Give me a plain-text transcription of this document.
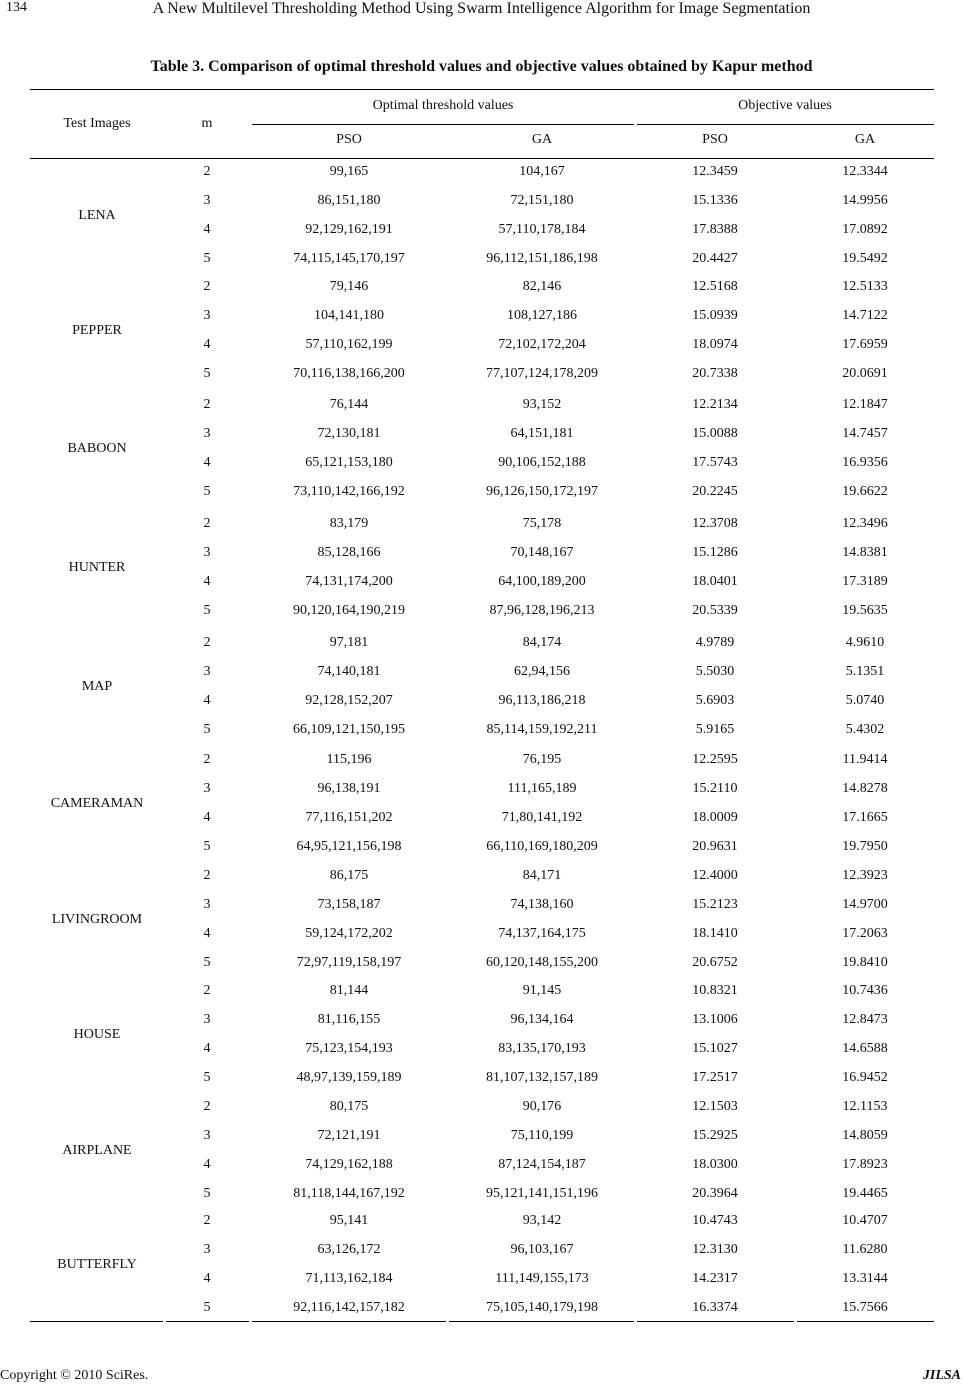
134	A New Multilevel Thresholding Method Using Swarm Intelligence Algorithm for Image Segmentation
Table 3. Comparison of optimal threshold values and objective values obtained by Kapur method
Test Images	m
Optimal threshold values	Objective values
PSO	GA	PSO	GA
LENA
2	99,165	104,167	12.3459	12.3344
3	86,151,180	72,151,180	15.1336	14.9956
4	92,129,162,191	57,110,178,184	17.8388	17.0892
5	74,115,145,170,197	96,112,151,186,198	20.4427	19.5492
PEPPER
2	79,146	82,146	12.5168	12.5133
3	104,141,180	108,127,186	15.0939	14.7122
4	57,110,162,199	72,102,172,204	18.0974	17.6959
5	70,116,138,166,200	77,107,124,178,209	20.7338	20.0691
BABOON
2	76,144	93,152	12.2134	12.1847
3	72,130,181	64,151,181	15.0088	14.7457
4	65,121,153,180	90,106,152,188	17.5743	16.9356
5	73,110,142,166,192	96,126,150,172,197	20.2245	19.6622
HUNTER
2	83,179	75,178	12.3708	12.3496
3	85,128,166	70,148,167	15.1286	14.8381
4	74,131,174,200	64,100,189,200	18.0401	17.3189
5	90,120,164,190,219	87,96,128,196,213	20.5339	19.5635
MAP
2	97,181	84,174	4.9789	4.9610
3	74,140,181	62,94,156	5.5030	5.1351
4	92,128,152,207	96,113,186,218	5.6903	5.0740
5	66,109,121,150,195	85,114,159,192,211	5.9165	5.4302
CAMERAMAN
2	115,196	76,195	12.2595	11.9414
3	96,138,191	111,165,189	15.2110	14.8278
4	77,116,151,202	71,80,141,192	18.0009	17.1665
5	64,95,121,156,198	66,110,169,180,209	20.9631	19.7950
LIVINGROOM
2	86,175	84,171	12.4000	12.3923
3	73,158,187	74,138,160	15.2123	14.9700
4	59,124,172,202	74,137,164,175	18.1410	17.2063
5	72,97,119,158,197	60,120,148,155,200	20.6752	19.8410
HOUSE
2	81,144	91,145	10.8321	10.7436
3	81,116,155	96,134,164	13.1006	12.8473
4	75,123,154,193	83,135,170,193	15.1027	14.6588
5	48,97,139,159,189	81,107,132,157,189	17.2517	16.9452
AIRPLANE
2	80,175	90,176	12.1503	12.1153
3	72,121,191	75,110,199	15.2925	14.8059
4	74,129,162,188	87,124,154,187	18.0300	17.8923
5	81,118,144,167,192	95,121,141,151,196	20.3964	19.4465
BUTTERFLY
2	95,141	93,142	10.4743	10.4707
3	63,126,172	96,103,167	12.3130	11.6280
4	71,113,162,184	111,149,155,173	14.2317	13.3144
5	92,116,142,157,182	75,105,140,179,198	16.3374	15.7566
Copyright © 2010 SciRes.	JILSA
